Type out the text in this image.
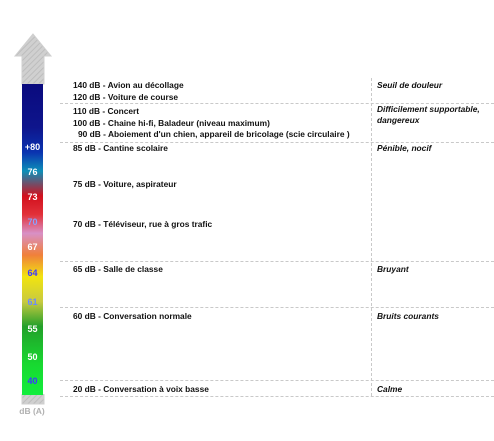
+80
76
73
70
67
64
61
55
50
40
dB (A)
140 dB - Avion au décollage
120 dB - Voiture de course
110 dB - Concert
100 dB - Chaine hi-fi, Baladeur (niveau maximum)
90 dB - Aboiement d'un chien, appareil de bricolage (scie circulaire )
85 dB - Cantine scolaire
75 dB - Voiture, aspirateur
70 dB - Téléviseur, rue à gros trafic
65 dB - Salle de classe
60 dB - Conversation normale
20 dB - Conversation à voix basse
Seuil de douleur
Difficilement supportable, dangereux
Pénible, nocif
Bruyant
Bruits courants
Calme
